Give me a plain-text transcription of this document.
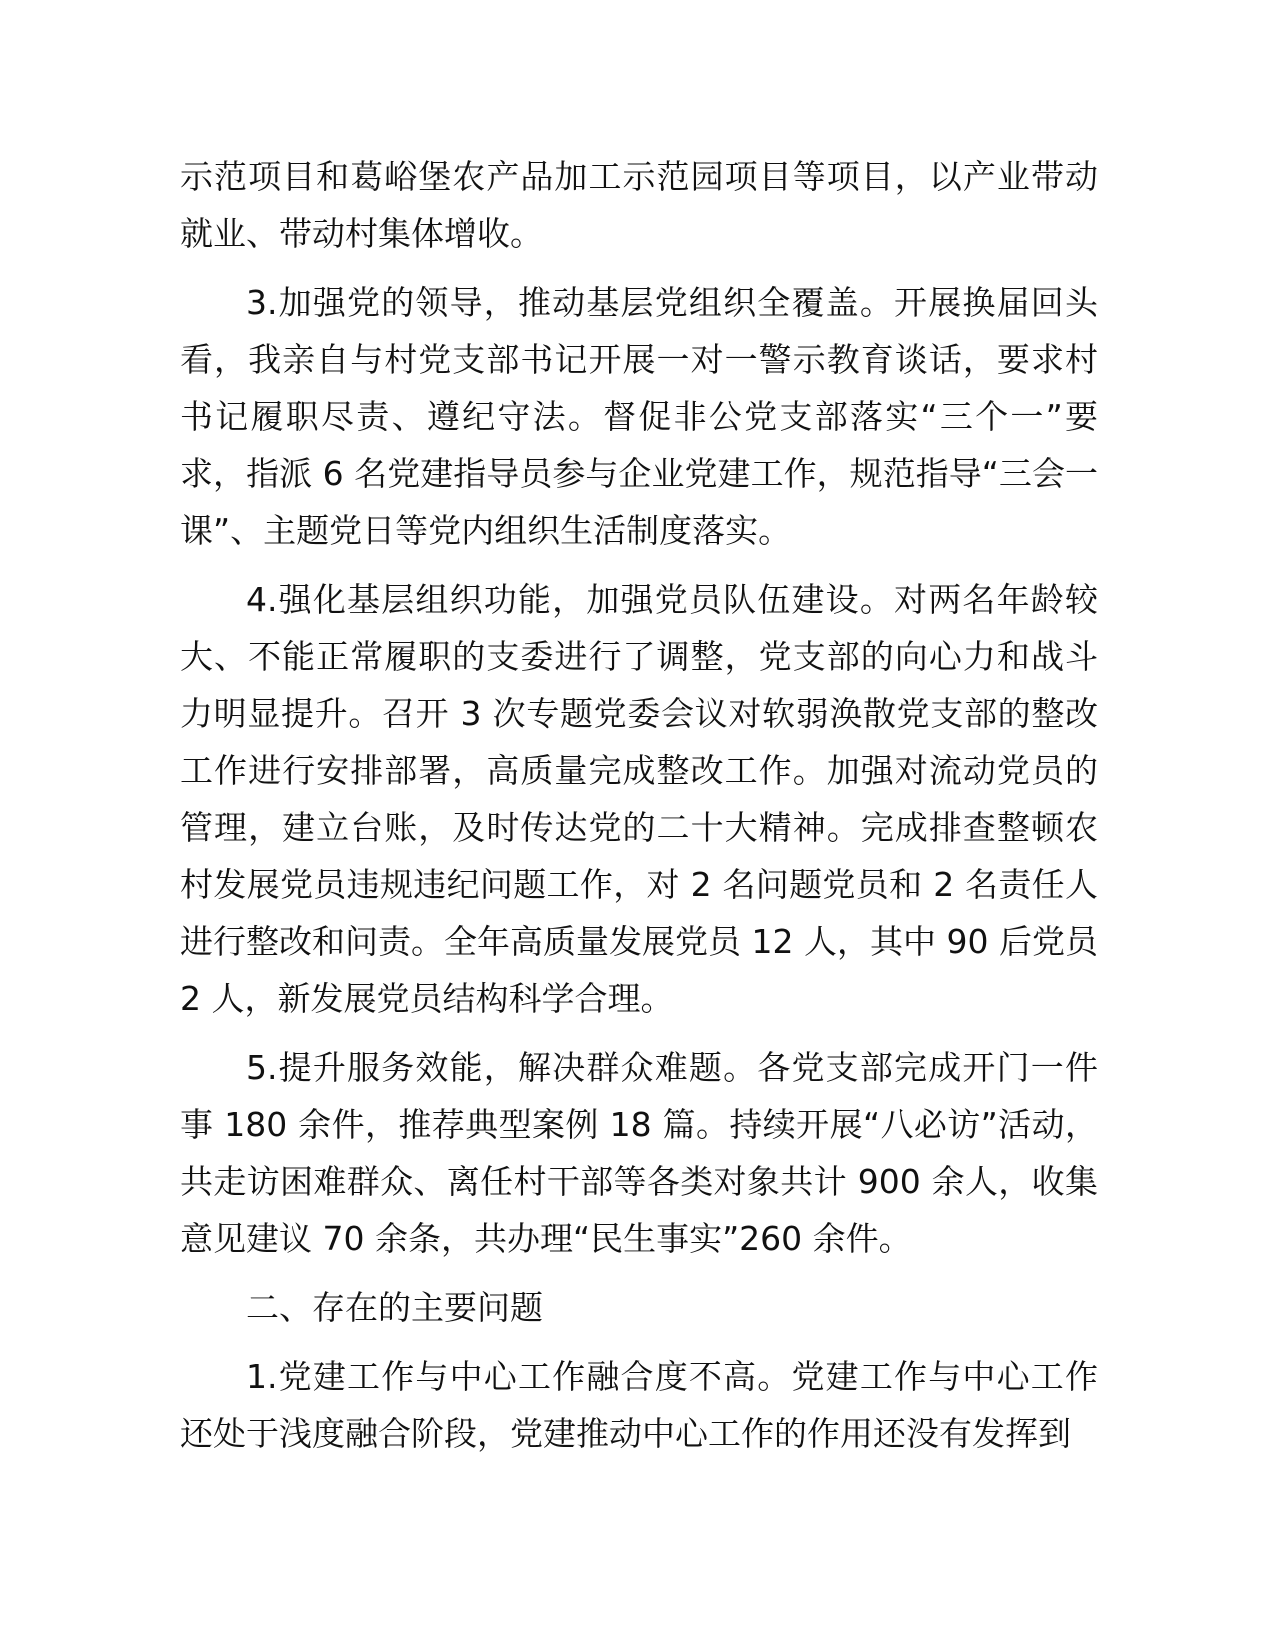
示范项目和葛峪堡农产品加工示范园项目等项目，以产业带动就业、带动村集体增收。

3.加强党的领导，推动基层党组织全覆盖。开展换届回头看，我亲自与村党支部书记开展一对一警示教育谈话，要求村书记履职尽责、遵纪守法。督促非公党支部落实“三个一”要求，指派 6 名党建指导员参与企业党建工作，规范指导“三会一课”、主题党日等党内组织生活制度落实。

4.强化基层组织功能，加强党员队伍建设。对两名年龄较大、不能正常履职的支委进行了调整，党支部的向心力和战斗力明显提升。召开 3 次专题党委会议对软弱涣散党支部的整改工作进行安排部署，高质量完成整改工作。加强对流动党员的管理，建立台账，及时传达党的二十大精神。完成排查整顿农村发展党员违规违纪问题工作，对 2 名问题党员和 2 名责任人进行整改和问责。全年高质量发展党员 12 人，其中 90 后党员 2 人，新发展党员结构科学合理。

5.提升服务效能，解决群众难题。各党支部完成开门一件事 180 余件，推荐典型案例 18 篇。持续开展“八必访”活动，共走访困难群众、离任村干部等各类对象共计 900 余人，收集意见建议 70 余条，共办理“民生事实”260 余件。

二、存在的主要问题

1.党建工作与中心工作融合度不高。党建工作与中心工作还处于浅度融合阶段，党建推动中心工作的作用还没有发挥到
